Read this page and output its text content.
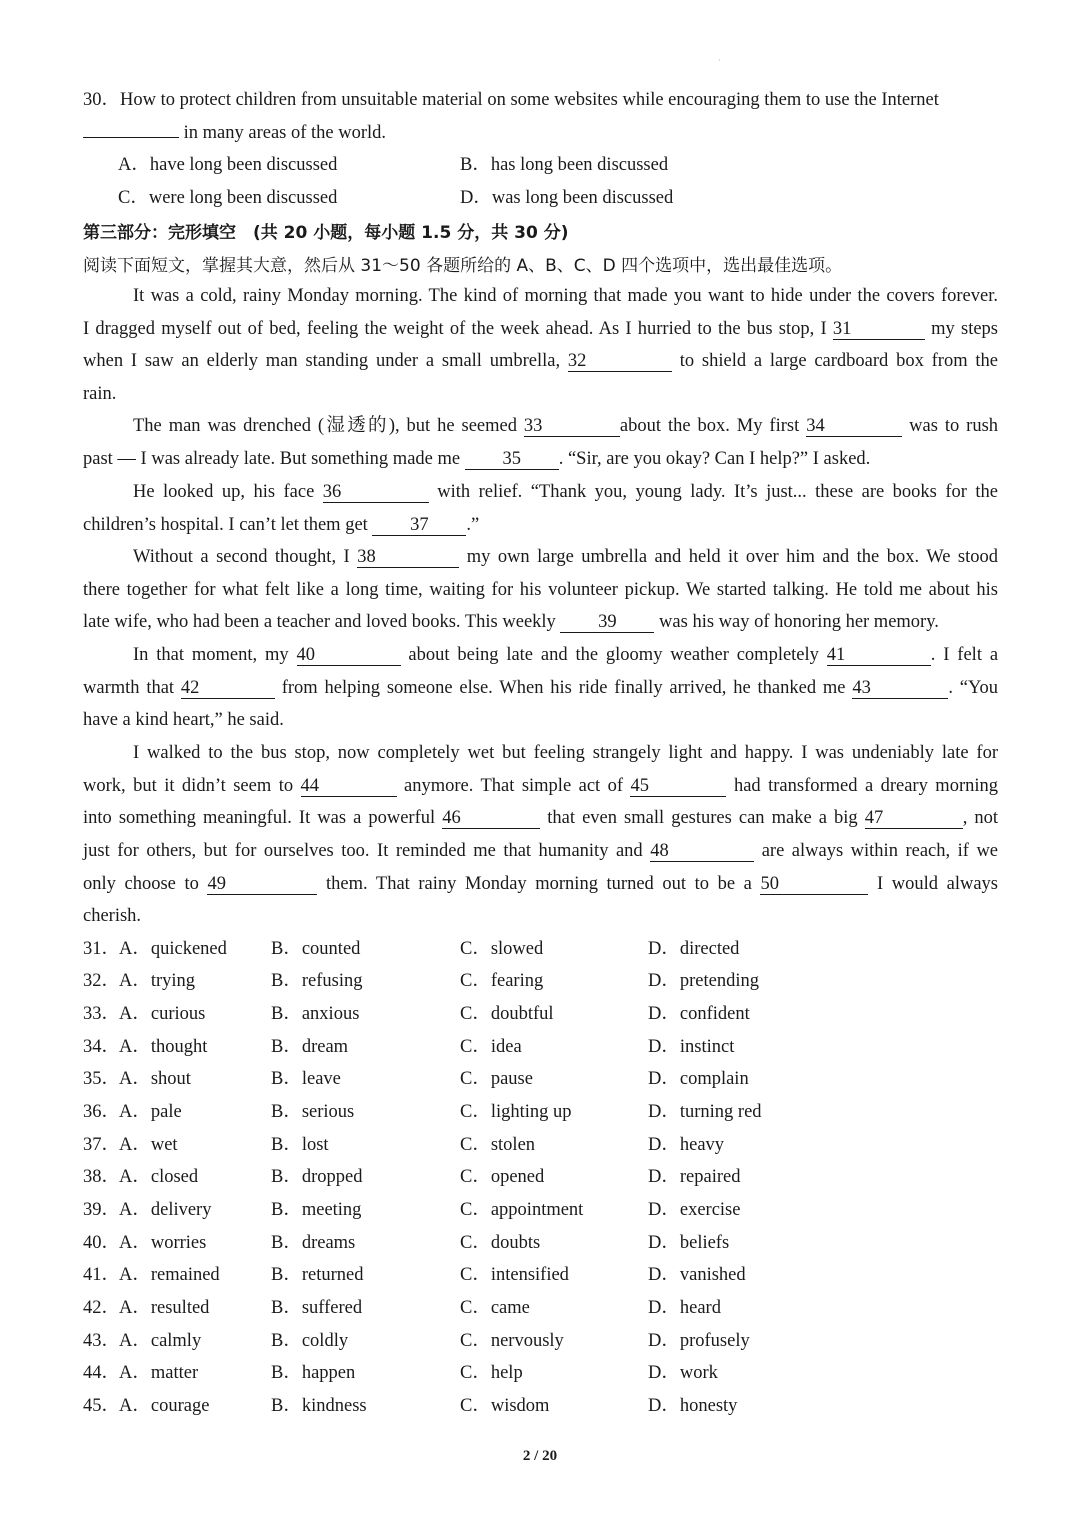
·
30．How to protect children from unsuitable material on some websites while encouraging them to use the Internet
in many areas of the world.
A．have long been discussed	B．has long been discussed
C．were long been discussed	D．was long been discussed
第三部分：完形填空　(共 20 小题，每小题 1.5 分，共 30 分)
阅读下面短文，掌握其大意，然后从 31～50 各题所给的 A、B、C、D 四个选项中，选出最佳选项。
It was a cold, rainy Monday morning. The kind of morning that made you want to hide under the covers forever.
I dragged myself out of bed, feeling the weight of the week ahead. As I hurried to the bus stop, I 31	my steps
when I saw an elderly man standing under a small umbrella, 32	to shield a large cardboard box from the
rain.
The man was drenched (湿透的), but he seemed 33	about the box. My first 34	was to rush
past — I was already late. But something made me 35 . “Sir, are you okay? Can I help?” I asked.
He looked up, his face 36	with relief. “Thank you, young lady. It’s just... these are books for the
children’s hospital. I can’t let them get 37 .”
Without a second thought, I 38	my own large umbrella and held it over him and the box. We stood
there together for what felt like a long time, waiting for his volunteer pickup. We started talking. He told me about his
late wife, who had been a teacher and loved books. This weekly 39 was his way of honoring her memory.
In that moment, my 40	about being late and the gloomy weather completely 41	. I felt a
warmth that 42	from helping someone else. When his ride finally arrived, he thanked me 43	. “You
have a kind heart,” he said.
I walked to the bus stop, now completely wet but feeling strangely light and happy. I was undeniably late for
work, but it didn’t seem to 44	anymore. That simple act of 45	had transformed a dreary morning
into something meaningful. It was a powerful 46	that even small gestures can make a big 47	, not
just for others, but for ourselves too. It reminded me that humanity and 48	are always within reach, if we
only choose to 49	them. That rainy Monday morning turned out to be a 50	I would always
cherish.
31．
A．quickened B．counted	C．slowed	D．directed
32．
A．trying	B．refusing	C．fearing	D．pretending
33．
A．curious	B．anxious	C．doubtful	D．confident
34．
A．thought	B．dream	C．idea	D．instinct
35．
A．shout	B．leave	C．pause	D．complain
36．
A．pale	B．serious	C．lighting up	D．turning red
37．
A．wet	B．lost	C．stolen	D．heavy
38．
A．closed	B．dropped	C．opened	D．repaired
39．
A．delivery	B．meeting	C．appointment	D．exercise
40．
A．worries	B．dreams	C．doubts	D．beliefs
41．
A．remained	B．returned	C．intensified	D．vanished
42．
A．resulted	B．suffered	C．came	D．heard
43．
A．calmly	B．coldly	C．nervously	D．profusely
44．
A．matter	B．happen	C．help	D．work
45．
A．courage	B．kindness	C．wisdom	D．honesty
2 / 20
